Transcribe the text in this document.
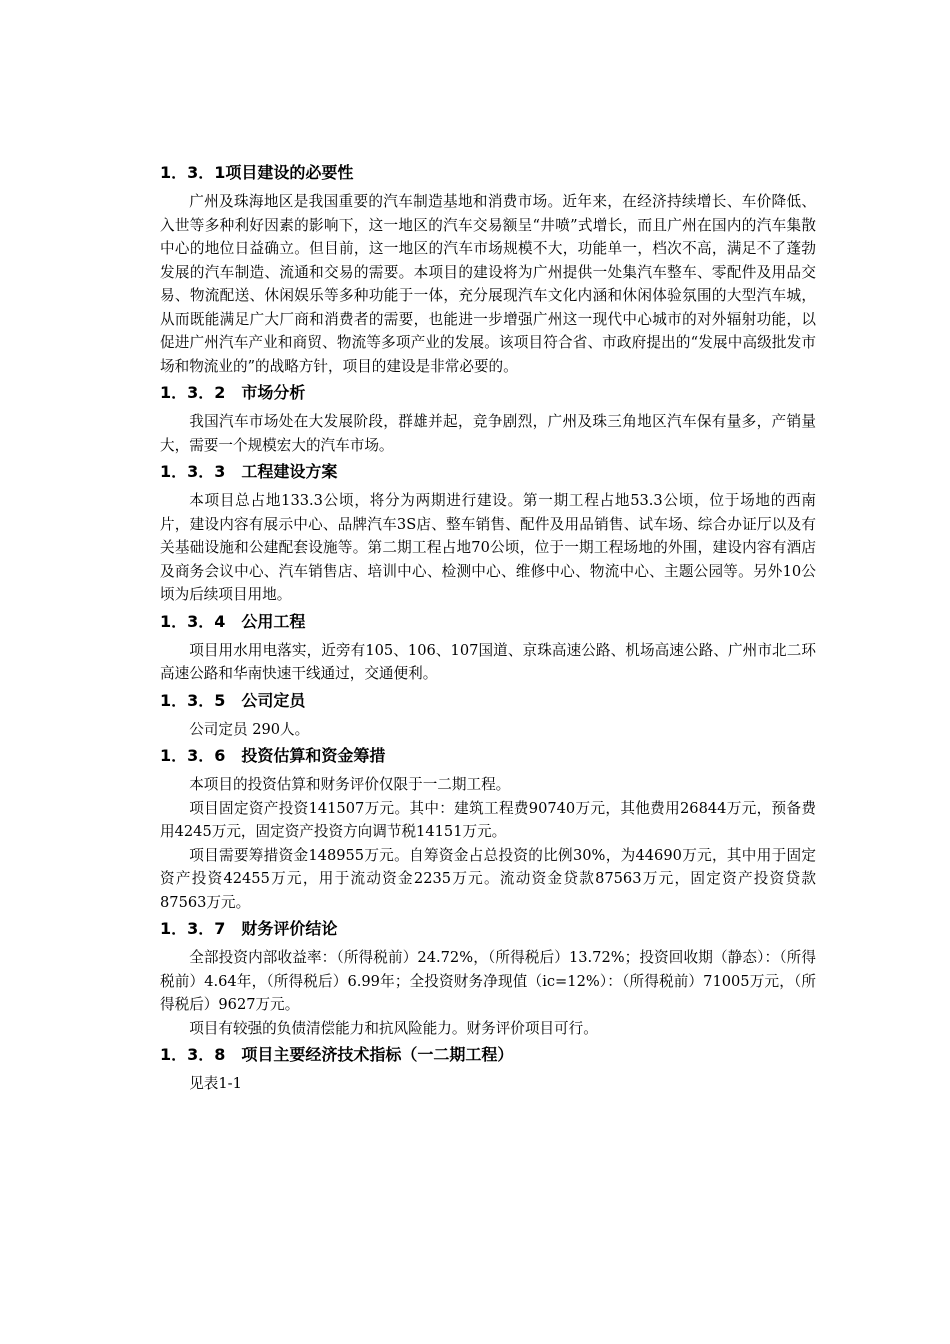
1．3．1项目建设的必要性

广州及珠海地区是我国重要的汽车制造基地和消费市场。近年来，在经济持续增长、车价降低、入世等多种利好因素的影响下，这一地区的汽车交易额呈“井喷”式增长，而且广州在国内的汽车集散中心的地位日益确立。但目前，这一地区的汽车市场规模不大，功能单一，档次不高，满足不了蓬勃发展的汽车制造、流通和交易的需要。本项目的建设将为广州提供一处集汽车整车、零配件及用品交易、物流配送、休闲娱乐等多种功能于一体，充分展现汽车文化内涵和休闲体验氛围的大型汽车城，从而既能满足广大厂商和消费者的需要，也能进一步增强广州这一现代中心城市的对外辐射功能，以促进广州汽车产业和商贸、物流等多项产业的发展。该项目符合省、市政府提出的“发展中高级批发市场和物流业的”的战略方针，项目的建设是非常必要的。

1．3．2　市场分析

我国汽车市场处在大发展阶段，群雄并起，竞争剧烈，广州及珠三角地区汽车保有量多，产销量大，需要一个规模宏大的汽车市场。

1．3．3　工程建设方案

本项目总占地133.3公顷，将分为两期进行建设。第一期工程占地53.3公顷，位于场地的西南片，建设内容有展示中心、品牌汽车3S店、整车销售、配件及用品销售、试车场、综合办证厅以及有关基础设施和公建配套设施等。第二期工程占地70公顷，位于一期工程场地的外围，建设内容有酒店及商务会议中心、汽车销售店、培训中心、检测中心、维修中心、物流中心、主题公园等。另外10公顷为后续项目用地。

1．3．4　公用工程

项目用水用电落实，近旁有105、106、107国道、京珠高速公路、机场高速公路、广州市北二环高速公路和华南快速干线通过，交通便利。

1．3．5　公司定员

公司定员 290人。

1．3．6　投资估算和资金筹措

本项目的投资估算和财务评价仅限于一二期工程。

项目固定资产投资141507万元。其中：建筑工程费90740万元，其他费用26844万元，预备费用4245万元，固定资产投资方向调节税14151万元。

项目需要筹措资金148955万元。自筹资金占总投资的比例30%，为44690万元，其中用于固定资产投资42455万元，用于流动资金2235万元。流动资金贷款87563万元，固定资产投资贷款87563万元。

1．3．7　财务评价结论

全部投资内部收益率：（所得税前）24.72%，（所得税后）13.72%；投资回收期（静态）：（所得税前）4.64年，（所得税后）6.99年；全投资财务净现值（ic=12%）：（所得税前）71005万元，（所得税后）9627万元。

项目有较强的负债清偿能力和抗风险能力。财务评价项目可行。

1．3．8　项目主要经济技术指标（一二期工程）

见表1-1
